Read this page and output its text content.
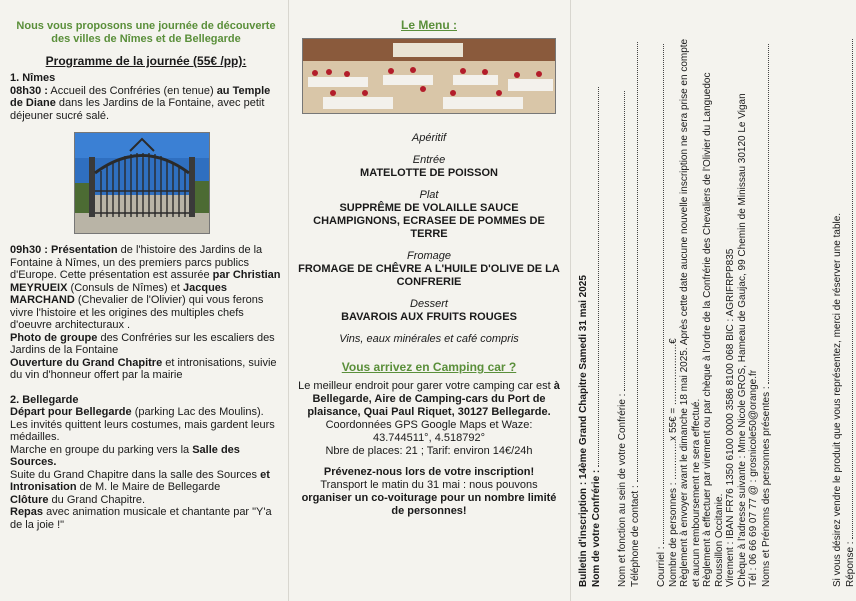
Nous vous proposons une journée de découverte des villes de Nîmes et de Bellegarde
Programme de la journée (55€ /pp):
1. Nîmes

08h30 : Accueil des Confréries (en tenue) au Temple de Diane dans les Jardins de la Fontaine, avec petit déjeuner sucré salé.

09h30 : Présentation de l'histoire des Jardins de la Fontaine à Nîmes, un des premiers parcs publics d'Europe. Cette présentation est assurée par Christian MEYRUEIX (Consuls de Nîmes) et Jacques MARCHAND (Chevalier de l'Olivier) qui vous ferons vivre l'histoire et les origines des multiples chefs d'oeuvre architecturaux .

Photo de groupe des Confréries sur les escaliers des Jardins de la Fontaine

Ouverture du Grand Chapitre et intronisations, suivie du vin d'honneur offert par la mairie

2. Bellegarde

Départ pour Bellegarde (parking Lac des Moulins). Les invités quittent leurs costumes, mais gardent leurs médailles.

Marche en groupe du parking vers la Salle des Sources.

Suite du Grand Chapitre dans la salle des Sources et Intronisation de M. le Maire de Bellegarde

Clôture du Grand Chapitre.

Repas avec animation musicale et chantante par "Y'a de la joie !"

Le Menu :
Apéritif
Entrée
MATELOTTE DE POISSON
Plat
SUPPRÊME DE VOLAILLE SAUCE CHAMPIGNONS, ECRASEE DE POMMES DE TERRE
Fromage
FROMAGE DE CHÊVRE A L'HUILE D'OLIVE DE LA CONFRERIE
Dessert
BAVAROIS AUX FRUITS ROUGES
Vins, eaux minérales et café compris
Vous arrivez en Camping car ?
Le meilleur endroit pour garer votre camping car est à Bellegarde, Aire de Camping-cars du Port de plaisance, Quai Paul Riquet, 30127 Bellegarde.
Coordonnées GPS Google Maps et Waze: 43.744511°, 4.518792°
Nbre de places: 21 ; Tarif: environ 14€/24h
Prévenez-nous lors de votre inscription!
Transport le matin du 31 mai : nous pouvons organiser un co-voiturage pour un nombre limité de personnes!	Bulletin d'inscription : 14ème Grand Chapitre Samedi 31 mai 2025 Nom de votre Confrérie : Nom et fonction au sein de votre Confrérie : Téléphone de contact : Courriel : Nombre de personnes : ..............x 55€ = ......................€ Règlement à envoyer avant le dimanche 18 mai 2025. Après cette date aucune nouvelle inscription ne sera prise en compte et aucun remboursement ne sera effectué. Règlement à effectuer par virement ou par chèque à l'ordre de la Confrérie des Chevaliers de l'Olivier du Languedoc Roussillon Occitanie. Virement : IBAN FR76 1350 6100 0000 3586 8100 068 BIC : AGRIFRPP835 Chèque à l'adresse suivante : Mme Nicole GROS, Hameau de Gaujac, 99 Chemin de Minissau 30120 Le Vigan Tél : 06 66 69 07 77 @ : grosnicole50@orange.fr Noms et Prénoms des personnes présentes :	Si vous désirez vendre le produit que vous représentez, merci de réserver une table. Réponse :
